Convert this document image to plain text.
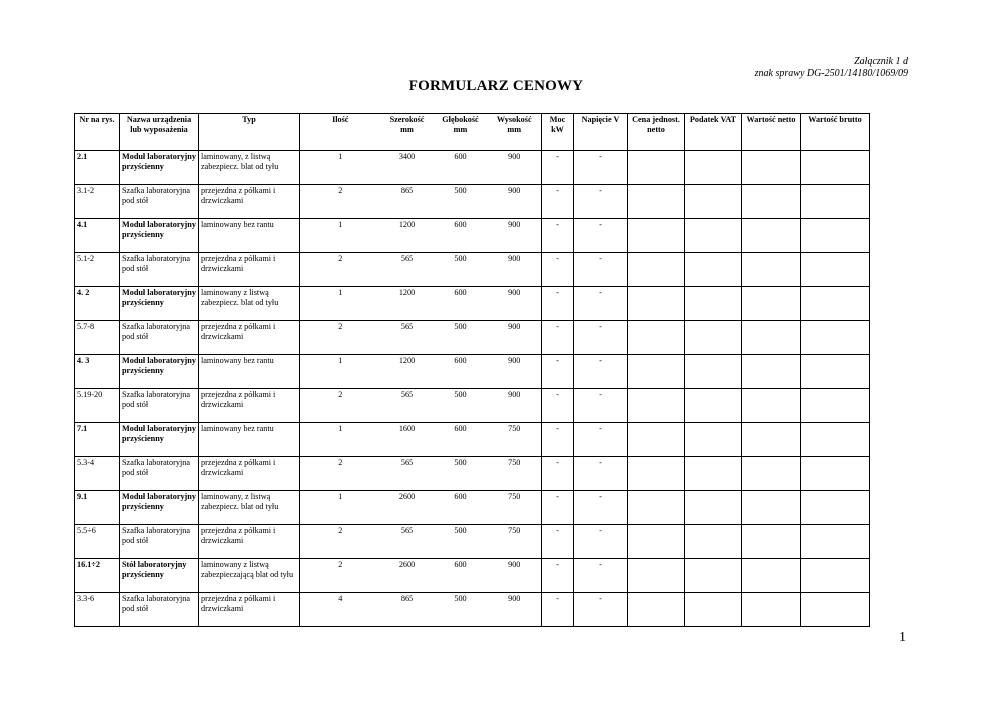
Załącznik 1 d
znak sprawy DG-2501/14180/1069/09
FORMULARZ CENOWY
Nr na rys.	Nazwa urządzenia lub wyposażenia	Typ	Ilość	Szerokość mm	Głębokość mm	Wysokość mm	Moc kW	Napięcie V	Cena jednost. netto	Podatek VAT	Wartość netto	Wartość brutto
2.1	Moduł laboratoryjny przyścienny	laminowany, z listwą zabezpiecz. blat od tyłu	1	3400	600	900	-	-				
3.1-2	Szafka laboratoryjna pod stół	przejezdna z półkami i drzwiczkami	2	865	500	900	-	-				
4.1	Moduł laboratoryjny przyścienny	laminowany bez rantu	1	1200	600	900	-	-				
5.1-2	Szafka laboratoryjna pod stół	przejezdna z półkami i drzwiczkami	2	565	500	900	-	-				
4. 2	Moduł laboratoryjny przyścienny	laminowany z listwą zabezpiecz. blat od tyłu	1	1200	600	900	-	-				
5.7-8	Szafka laboratoryjna pod stół	przejezdna z półkami i drzwiczkami	2	565	500	900	-	-				
4. 3	Moduł laboratoryjny przyścienny	laminowany bez rantu	1	1200	600	900	-	-				
5.19-20	Szafka laboratoryjna pod stół	przejezdna z półkami i drzwiczkami	2	565	500	900	-	-				
7.1	Moduł laboratoryjny przyścienny	laminowany bez rantu	1	1600	600	750	-	-				
5.3-4	Szafka laboratoryjna pod stół	przejezdna z półkami i drzwiczkami	2	565	500	750	-	-				
9.1	Moduł laboratoryjny przyścienny	laminowany, z listwą zabezpiecz. blat od tyłu	1	2600	600	750	-	-				
5.5÷6	Szafka laboratoryjna pod stół	przejezdna z półkami i drzwiczkami	2	565	500	750	-	-				
16.1÷2	Stół laboratoryjny przyścienny	laminowany z listwą zabezpieczającą blat od tyłu	2	2600	600	900	-	-				
3.3-6	Szafka laboratoryjna pod stół	przejezdna z półkami i drzwiczkami	4	865	500	900	-	-				
1
